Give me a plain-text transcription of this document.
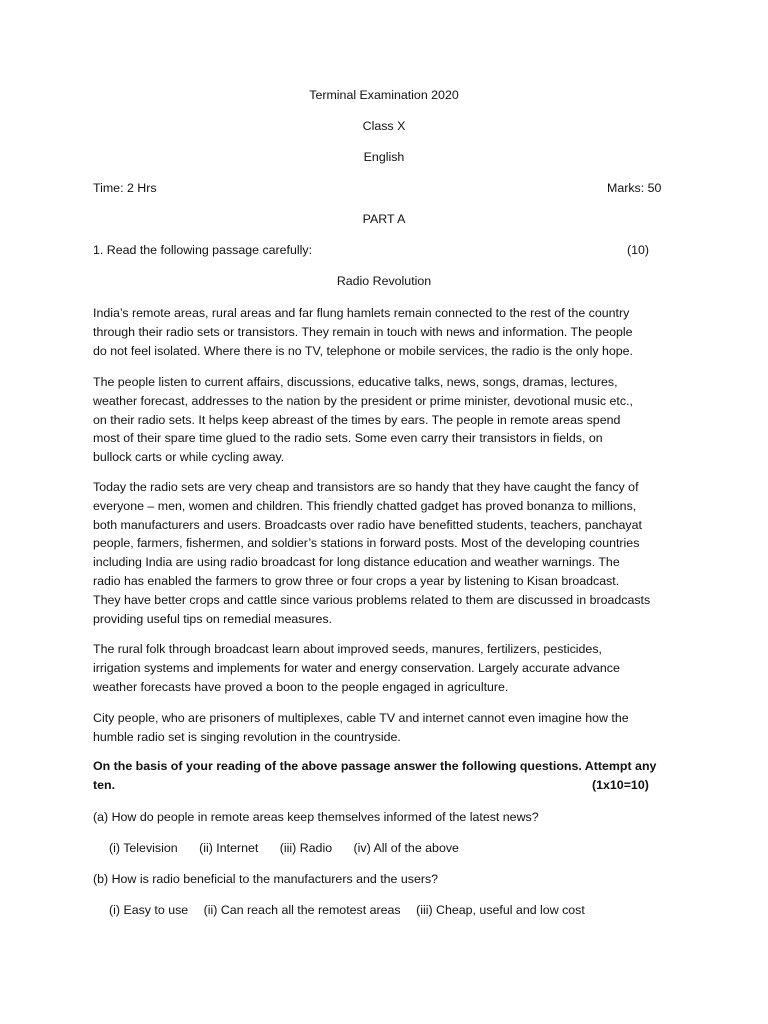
Terminal Examination 2020
Class X
English
Time: 2 Hrs	Marks: 50
PART A
1. Read the following passage carefully:	(10)
Radio Revolution
India’s remote areas, rural areas and far flung hamlets remain connected to the rest of the country
through their radio sets or transistors. They remain in touch with news and information. The people
do not feel isolated. Where there is no TV, telephone or mobile services, the radio is the only hope.
The people listen to current affairs, discussions, educative talks, news, songs, dramas, lectures,
weather forecast, addresses to the nation by the president or prime minister, devotional music etc.,
on their radio sets. It helps keep abreast of the times by ears. The people in remote areas spend
most of their spare time glued to the radio sets. Some even carry their transistors in fields, on
bullock carts or while cycling away.
Today the radio sets are very cheap and transistors are so handy that they have caught the fancy of
everyone – men, women and children. This friendly chatted gadget has proved bonanza to millions,
both manufacturers and users. Broadcasts over radio have benefitted students, teachers, panchayat
people, farmers, fishermen, and soldier’s stations in forward posts. Most of the developing countries
including India are using radio broadcast for long distance education and weather warnings. The
radio has enabled the farmers to grow three or four crops a year by listening to Kisan broadcast.
They have better crops and cattle since various problems related to them are discussed in broadcasts
providing useful tips on remedial measures.
The rural folk through broadcast learn about improved seeds, manures, fertilizers, pesticides,
irrigation systems and implements for water and energy conservation. Largely accurate advance
weather forecasts have proved a boon to the people engaged in agriculture.
City people, who are prisoners of multiplexes, cable TV and internet cannot even imagine how the
humble radio set is singing revolution in the countryside.
On the basis of your reading of the above passage answer the following questions. Attempt any
ten.	(1x10=10)
(a) How do people in remote areas keep themselves informed of the latest news?
(i) Television (ii) Internet (iii) Radio (iv) All of the above
(b) How is radio beneficial to the manufacturers and the users?
(i) Easy to use (ii) Can reach all the remotest areas (iii) Cheap, useful and low cost
